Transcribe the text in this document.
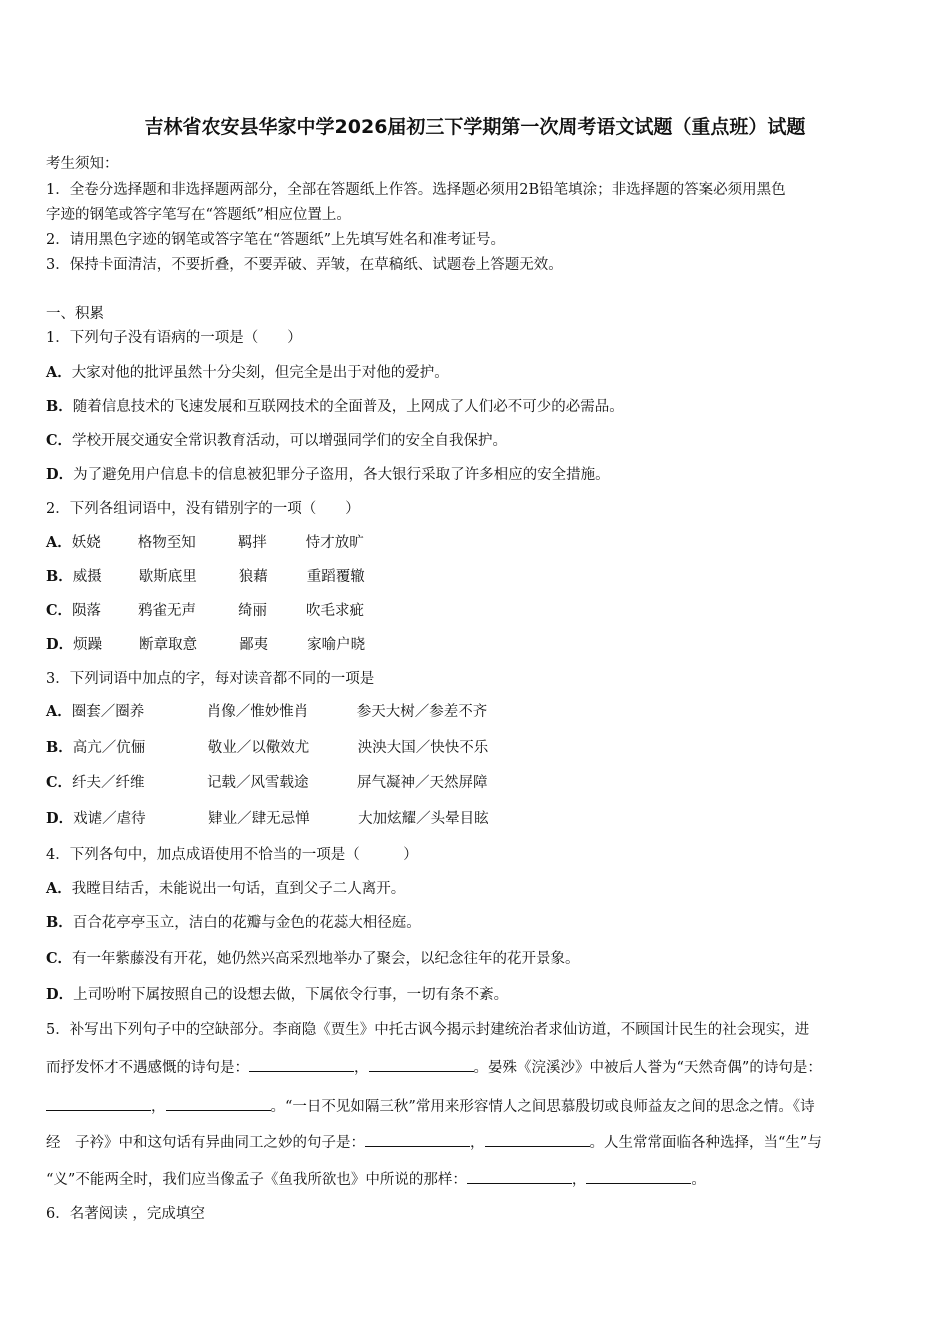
吉林省农安县华家中学2026届初三下学期第一次周考语文试题（重点班）试题
考生须知：
1．全卷分选择题和非选择题两部分，全部在答题纸上作答。选择题必须用2B铅笔填涂；非选择题的答案必须用黑色
字迹的钢笔或答字笔写在“答题纸”相应位置上。
2．请用黑色字迹的钢笔或答字笔在“答题纸”上先填写姓名和准考证号。
3．保持卡面清洁，不要折叠，不要弄破、弄皱，在草稿纸、试题卷上答题无效。
一、积累
1．下列句子没有语病的一项是（　　）
A．大家对他的批评虽然十分尖刻，但完全是出于对他的爱护。
B．随着信息技术的飞速发展和互联网技术的全面普及，上网成了人们必不可少的必需品。
C．学校开展交通安全常识教育活动，可以增强同学们的安全自我保护。
D．为了避免用户信息卡的信息被犯罪分子盗用，各大银行采取了许多相应的安全措施。
2．下列各组词语中，没有错别字的一项（　　）
A．妖娆	格物至知	羁拌	恃才放旷
B．威摄	歇斯底里	狼藉	重蹈覆辙
C．陨落	鸦雀无声	绮丽	吹毛求疵
D．烦躁	断章取意	鄙夷	家喻户晓
3．下列词语中加点的字，每对读音都不同的一项是
A．圈套／圈养	肖像／惟妙惟肖	参天大树／参差不齐
B．高亢／伉俪	敬业／以儆效尤	泱泱大国／快快不乐
C．纤夫／纤维	记载／风雪载途	屏气凝神／天然屏障
D．戏谑／虐待	肄业／肆无忌惮	大加炫耀／头晕目眩
4．下列各句中，加点成语使用不恰当的一项是（　　　）
A．我瞠目结舌，未能说出一句话，直到父子二人离开。
B．百合花亭亭玉立，洁白的花瓣与金色的花蕊大相径庭。
C．有一年紫藤没有开花，她仍然兴高采烈地举办了聚会，以纪念往年的花开景象。
D．上司吩咐下属按照自己的设想去做，下属依令行事，一切有条不紊。
5．补写出下列句子中的空缺部分。李商隐《贾生》中托古讽今揭示封建统治者求仙访道，不顾国计民生的社会现实，进
而抒发怀才不遇感慨的诗句是：	，	。晏殊《浣溪沙》中被后人誉为“天然奇偶”的诗句是：
，	。“一日不见如隔三秋”常用来形容情人之间思慕殷切或良师益友之间的思念之情。《诗
经　子衿》中和这句话有异曲同工之妙的句子是：	，	。人生常常面临各种选择，当“生”与
“义”不能两全时，我们应当像孟子《鱼我所欲也》中所说的那样：	，	。
6．名著阅读 ，完成填空
